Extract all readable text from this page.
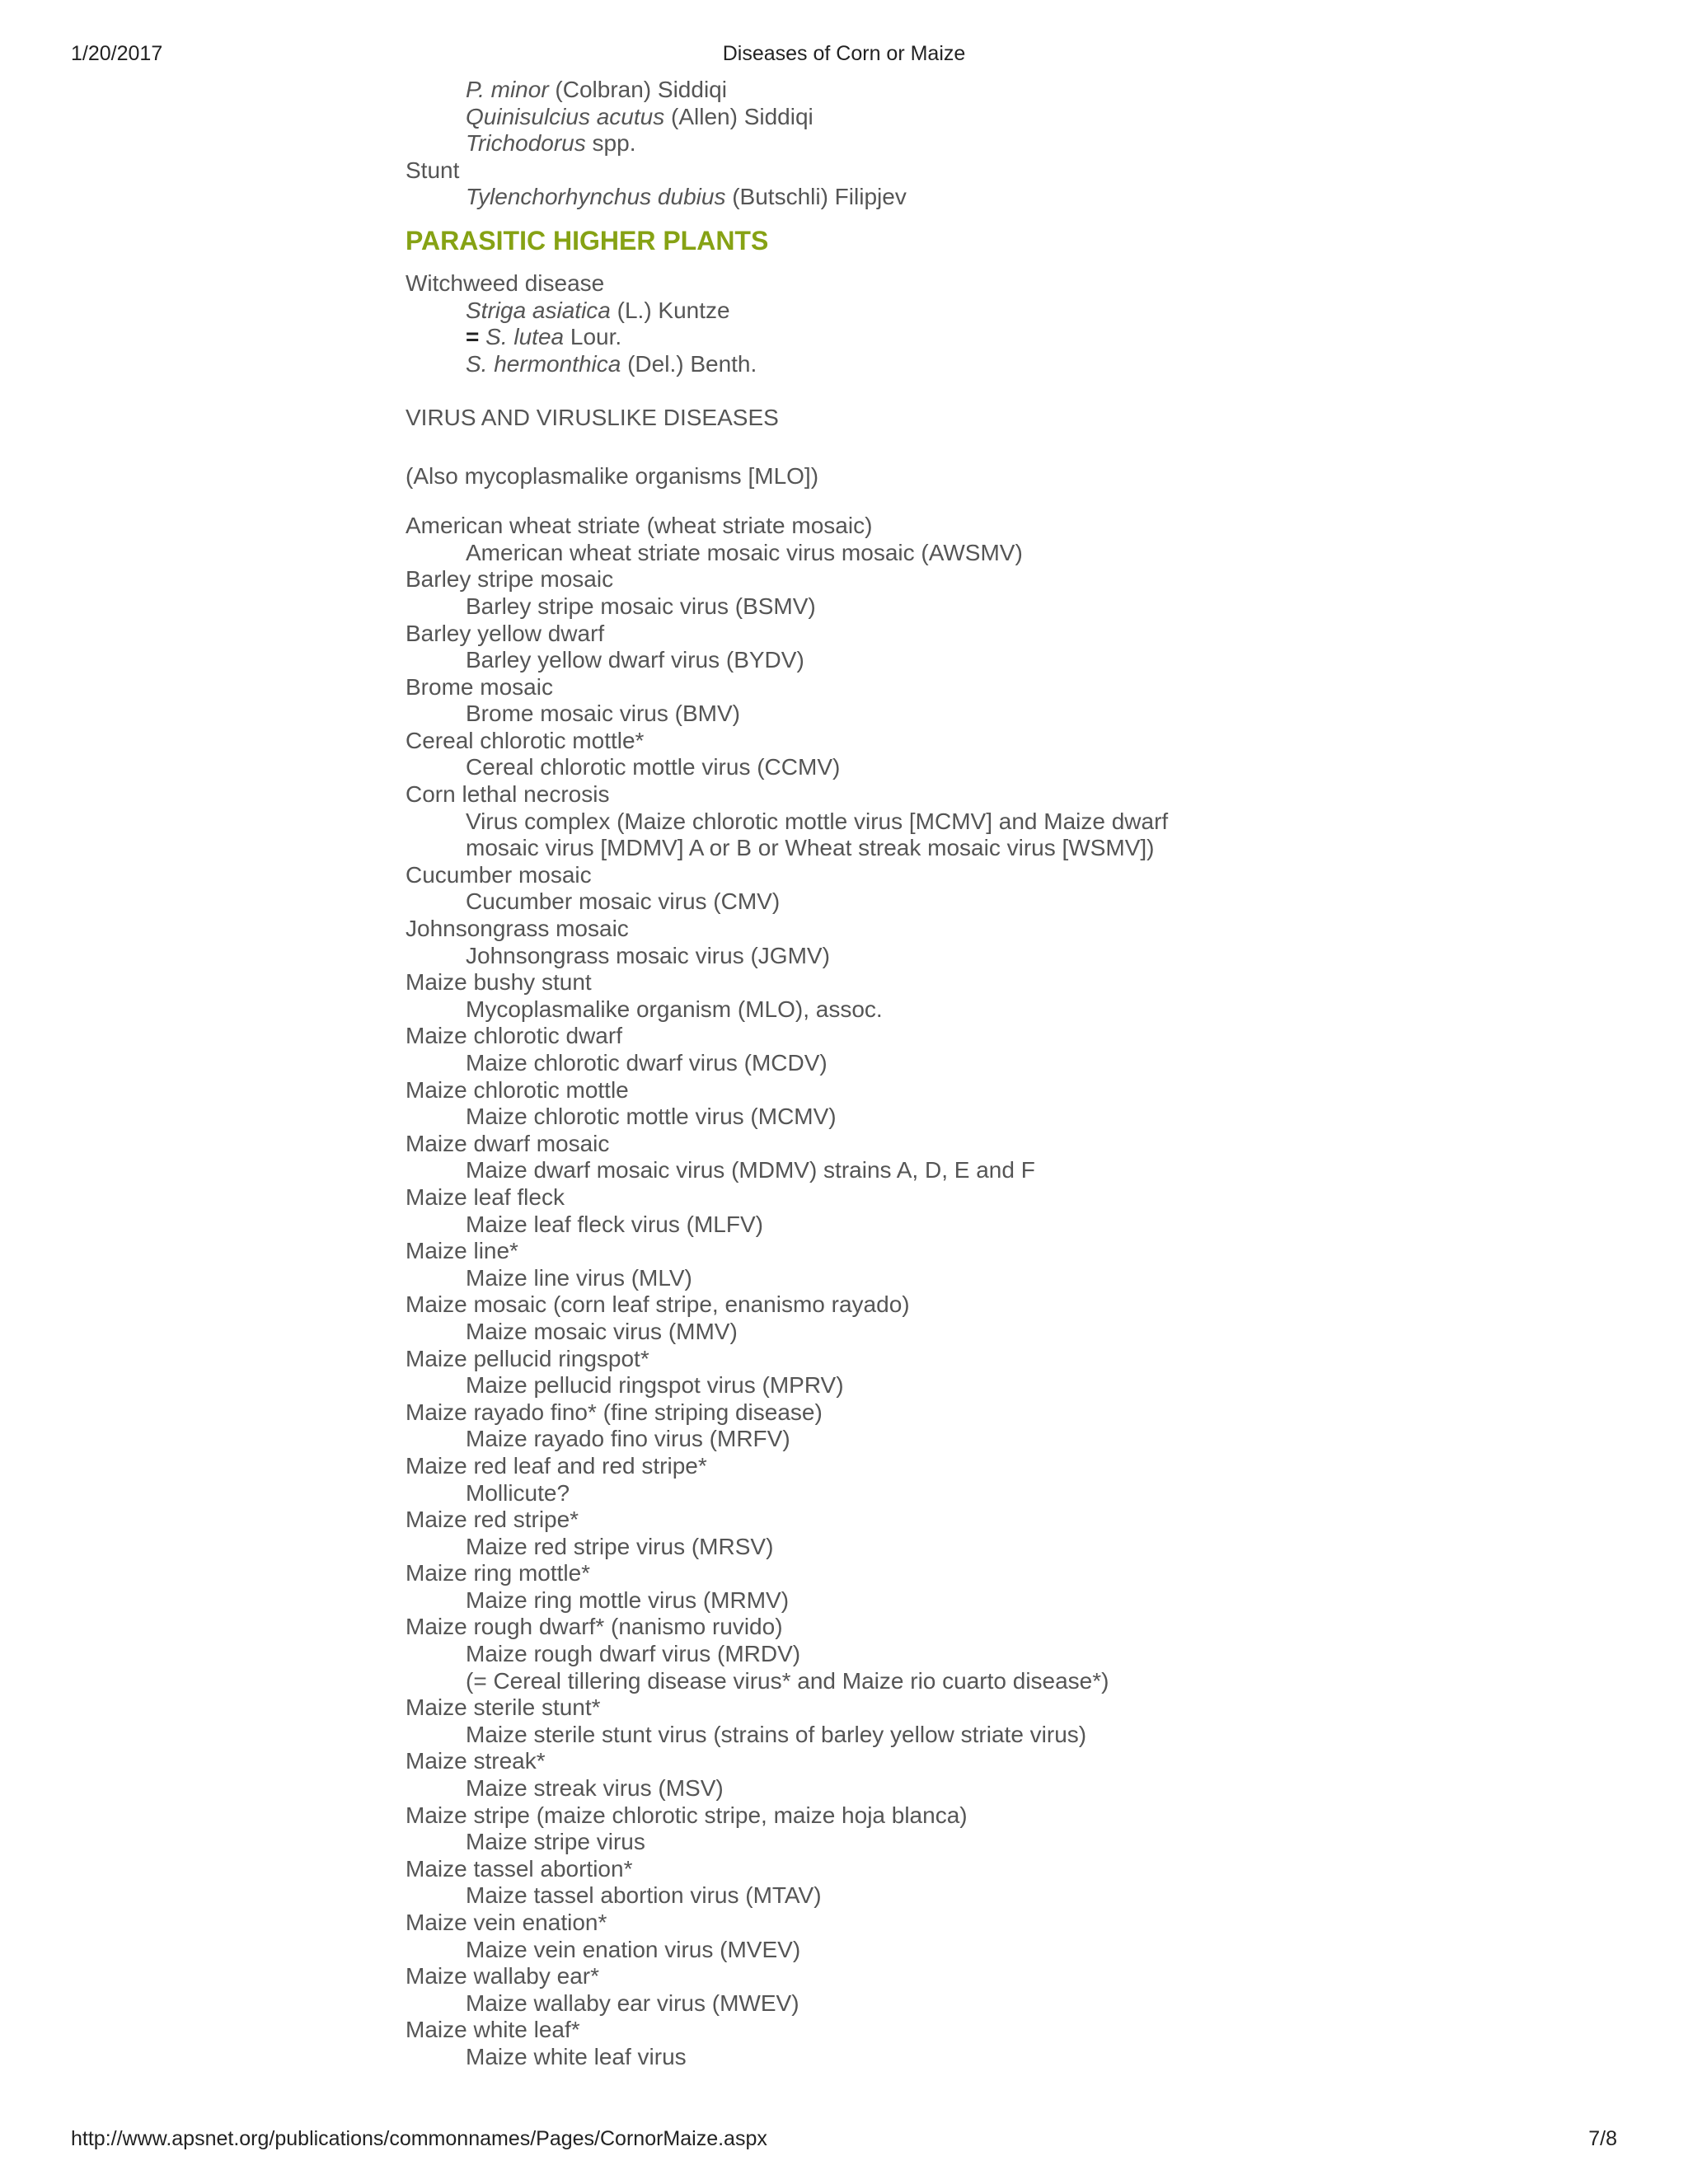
1/20/2017	Diseases of Corn or Maize
P. minor (Colbran) Siddiqi
Quinisulcius acutus (Allen) Siddiqi
Trichodorus spp.
Stunt
Tylenchorhynchus dubius (Butschli) Filipjev
PARASITIC HIGHER PLANTS
Witchweed disease
Striga asiatica (L.) Kuntze
= S. lutea Lour.
S. hermonthica (Del.) Benth.
VIRUS AND VIRUSLIKE DISEASES
(Also mycoplasmalike organisms [MLO])
American wheat striate (wheat striate mosaic)
American wheat striate mosaic virus mosaic (AWSMV)
Barley stripe mosaic
Barley stripe mosaic virus (BSMV)
Barley yellow dwarf
Barley yellow dwarf virus (BYDV)
Brome mosaic
Brome mosaic virus (BMV)
Cereal chlorotic mottle*
Cereal chlorotic mottle virus (CCMV)
Corn lethal necrosis
Virus complex (Maize chlorotic mottle virus [MCMV] and Maize dwarf
mosaic virus [MDMV] A or B or Wheat streak mosaic virus [WSMV])
Cucumber mosaic
Cucumber mosaic virus (CMV)
Johnsongrass mosaic
Johnsongrass mosaic virus (JGMV)
Maize bushy stunt
Mycoplasmalike organism (MLO), assoc.
Maize chlorotic dwarf
Maize chlorotic dwarf virus (MCDV)
Maize chlorotic mottle
Maize chlorotic mottle virus (MCMV)
Maize dwarf mosaic
Maize dwarf mosaic virus (MDMV) strains A, D, E and F
Maize leaf fleck
Maize leaf fleck virus (MLFV)
Maize line*
Maize line virus (MLV)
Maize mosaic (corn leaf stripe, enanismo rayado)
Maize mosaic virus (MMV)
Maize pellucid ringspot*
Maize pellucid ringspot virus (MPRV)
Maize rayado fino* (fine striping disease)
Maize rayado fino virus (MRFV)
Maize red leaf and red stripe*
Mollicute?
Maize red stripe*
Maize red stripe virus (MRSV)
Maize ring mottle*
Maize ring mottle virus (MRMV)
Maize rough dwarf* (nanismo ruvido)
Maize rough dwarf virus (MRDV)
(= Cereal tillering disease virus* and Maize rio cuarto disease*)
Maize sterile stunt*
Maize sterile stunt virus (strains of barley yellow striate virus)
Maize streak*
Maize streak virus (MSV)
Maize stripe (maize chlorotic stripe, maize hoja blanca)
Maize stripe virus
Maize tassel abortion*
Maize tassel abortion virus (MTAV)
Maize vein enation*
Maize vein enation virus (MVEV)
Maize wallaby ear*
Maize wallaby ear virus (MWEV)
Maize white leaf*
Maize white leaf virus
http://www.apsnet.org/publications/commonnames/Pages/CornorMaize.aspx	7/8
